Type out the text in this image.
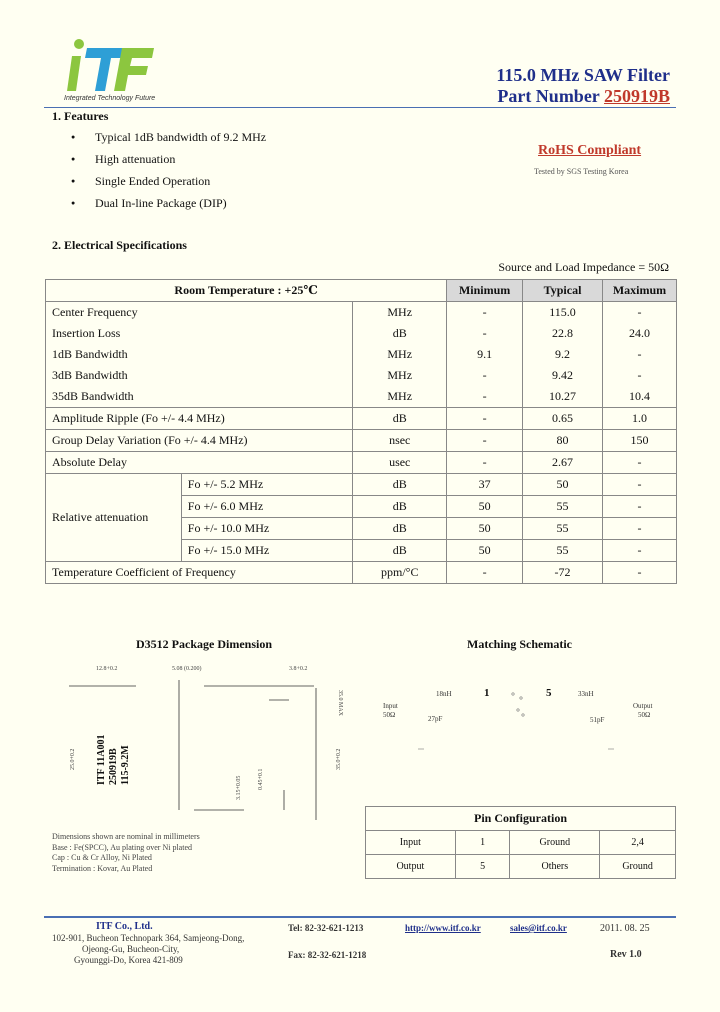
Integrated Technology Future
115.0 MHz SAW Filter
Part Number 250919B
1. Features
● Typical 1dB bandwidth of 9.2 MHz
● High attenuation
● Single Ended Operation
● Dual In-line Package (DIP)
RoHS Compliant
Tested by SGS Testing Korea
2. Electrical Specifications
Source and Load Impedance = 50Ω
Room Temperature : +25℃			Minimum	Typical	Maximum
Center Frequency		MHz	-	115.0	-
Insertion Loss		dB	-	22.8	24.0
1dB Bandwidth		MHz	9.1	9.2	-
3dB Bandwidth		MHz	-	9.42	-
35dB Bandwidth		MHz	-	10.27	10.4
Amplitude Ripple (Fo +/- 4.4 MHz)		dB	-	0.65	1.0
Group Delay Variation (Fo +/- 4.4 MHz)		nsec	-	80	150
Absolute Delay		usec	-	2.67	-
Relative attenuation	Fo +/- 5.2 MHz	dB	37	50	-
	Fo +/- 6.0 MHz	dB	50	55	-
	Fo +/- 10.0 MHz	dB	50	55	-
	Fo +/- 15.0 MHz	dB	50	55	-
Temperature Coefficient of Frequency		ppm/°C	-	-72	-
D3512 Package Dimension
12.8+0.2	5.08 (0.200)	3.8+0.2
35.0 MAX
3.15+0.05	0.45+0.1
25.0+0.2	35.0+0.2
ITF 11A001 250919B 115-9.2M
Dimensions shown are nominal in millimeters
Base : Fe(SPCC), Au plating over Ni plated
Cap : Cu & Cr Alloy, Ni Plated
Termination : Kovar, Au Plated
Matching Schematic
Input
50Ω
18nH
27pF
1	5	33nH
51pF
Output
50Ω
Pin Configuration			
Input	1	Ground	2,4
Output	5	Others	Ground
ITF Co., Ltd.
102-901, Bucheon Technopark 364, Samjeong-Dong,
Ojeong-Gu, Bucheon-City,
Gyounggi-Do, Korea 421-809
Tel: 82-32-621-1213
Fax: 82-32-621-1218
http://www.itf.co.kr	sales@itf.co.kr	2011. 08. 25
Rev 1.0
